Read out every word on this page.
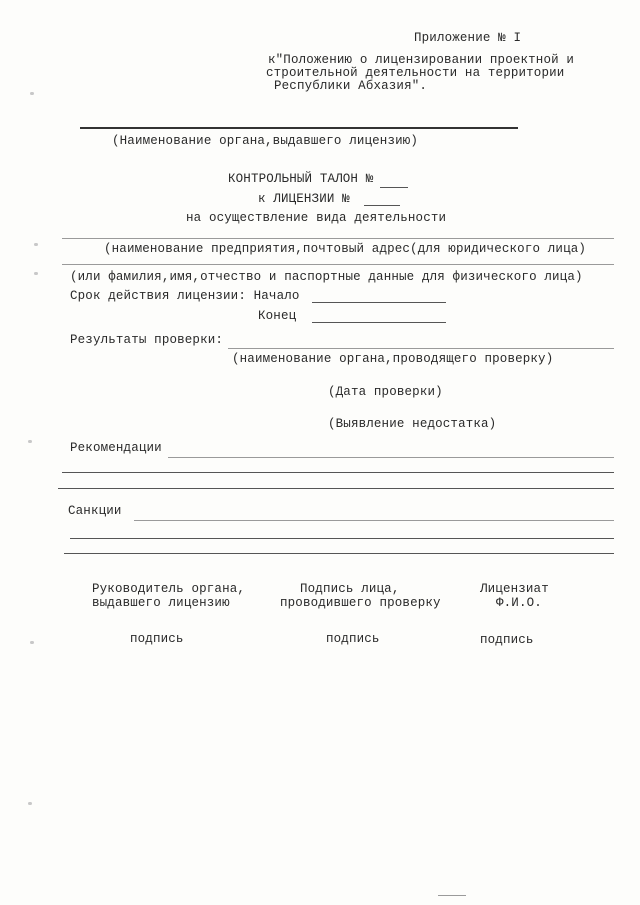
Приложение № I
к"Положению о лицензировании проектной и
строительной деятельности на территории
Республики Абхазия".
(Наименование органа,выдавшего лицензию)
КОНТРОЛЬНЫЙ ТАЛОН №
к ЛИЦЕНЗИИ №
на осуществление вида деятельности
(наименование предприятия,почтовый адрес(для юридического лица)
(или фамилия,имя,отчество и паспортные данные для физического лица)
Срок действия лицензии: Начало
Конец
Результаты проверки:
(наименование органа,проводящего проверку)
(Дата проверки)
(Выявление недостатка)
Рекомендации
Санкции
Руководитель органа,
выдавшего лицензию
Подпись лица,
проводившего проверку
Лицензиат
Ф.И.О.
подпись	подпись	подпись
